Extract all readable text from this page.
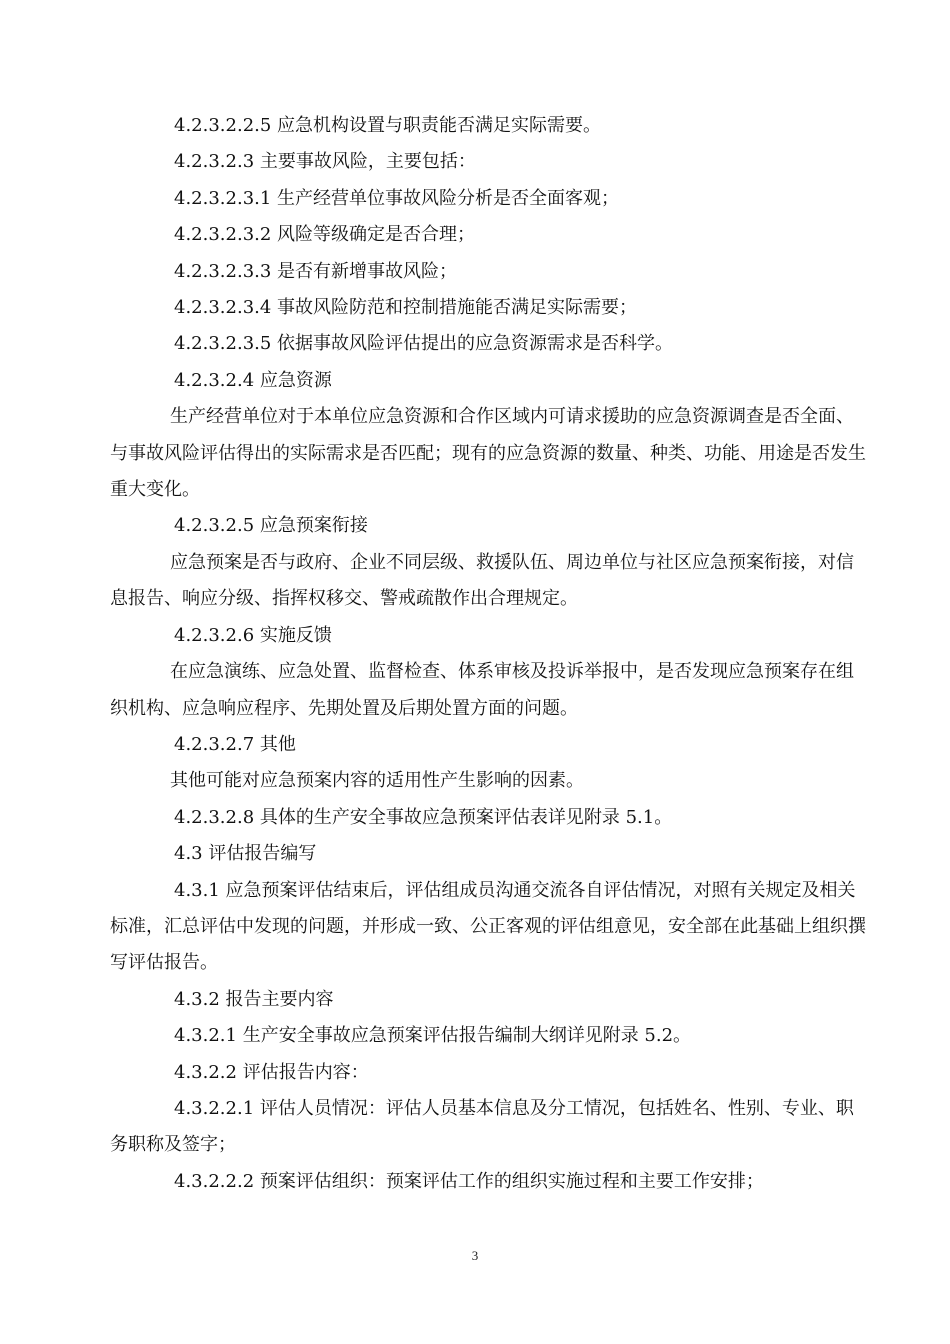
4.2.3.2.2.5 应急机构设置与职责能否满足实际需要。

4.2.3.2.3 主要事故风险，主要包括：

4.2.3.2.3.1 生产经营单位事故风险分析是否全面客观；

4.2.3.2.3.2 风险等级确定是否合理；

4.2.3.2.3.3 是否有新增事故风险；

4.2.3.2.3.4 事故风险防范和控制措施能否满足实际需要；

4.2.3.2.3.5 依据事故风险评估提出的应急资源需求是否科学。

4.2.3.2.4 应急资源

生产经营单位对于本单位应急资源和合作区域内可请求援助的应急资源调查是否全面、与事故风险评估得出的实际需求是否匹配；现有的应急资源的数量、种类、功能、用途是否发生重大变化。

4.2.3.2.5 应急预案衔接

应急预案是否与政府、企业不同层级、救援队伍、周边单位与社区应急预案衔接，对信息报告、响应分级、指挥权移交、警戒疏散作出合理规定。

4.2.3.2.6 实施反馈

在应急演练、应急处置、监督检查、体系审核及投诉举报中，是否发现应急预案存在组织机构、应急响应程序、先期处置及后期处置方面的问题。

4.2.3.2.7 其他

其他可能对应急预案内容的适用性产生影响的因素。

4.2.3.2.8 具体的生产安全事故应急预案评估表详见附录 5.1。

4.3 评估报告编写

4.3.1 应急预案评估结束后，评估组成员沟通交流各自评估情况，对照有关规定及相关标准，汇总评估中发现的问题，并形成一致、公正客观的评估组意见，安全部在此基础上组织撰写评估报告。

4.3.2 报告主要内容

4.3.2.1 生产安全事故应急预案评估报告编制大纲详见附录 5.2。

4.3.2.2 评估报告内容：

4.3.2.2.1 评估人员情况：评估人员基本信息及分工情况，包括姓名、性别、专业、职务职称及签字；

4.3.2.2.2 预案评估组织：预案评估工作的组织实施过程和主要工作安排；

3
